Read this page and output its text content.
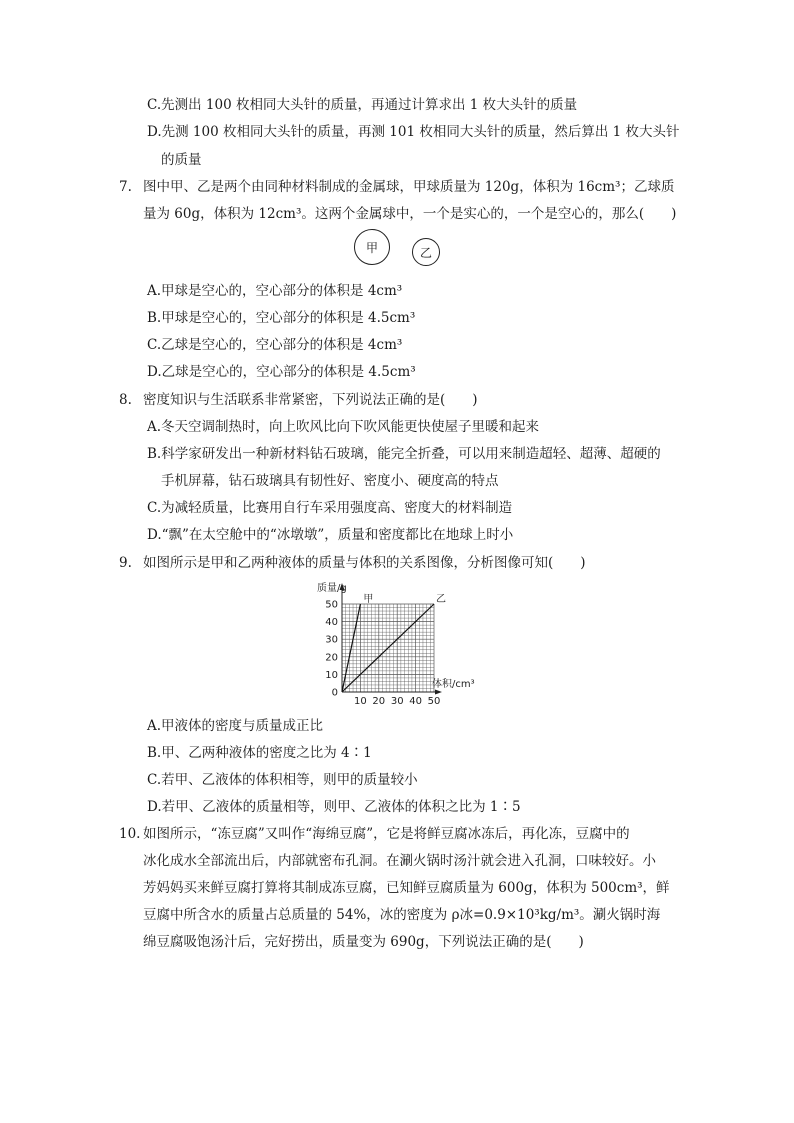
C.先测出 100 枚相同大头针的质量，再通过计算求出 1 枚大头针的质量
D.先测 100 枚相同大头针的质量，再测 101 枚相同大头针的质量，然后算出 1 枚大头针
的质量
7. 图中甲、乙是两个由同种材料制成的金属球，甲球质量为 120g，体积为 16cm³；乙球质
量为 60g，体积为 12cm³。这两个金属球中，一个是实心的，一个是空心的，那么(　　)
甲	乙
A.甲球是空心的，空心部分的体积是 4cm³
B.甲球是空心的，空心部分的体积是 4.5cm³
C.乙球是空心的，空心部分的体积是 4cm³
D.乙球是空心的，空心部分的体积是 4.5cm³
8. 密度知识与生活联系非常紧密，下列说法正确的是(　　)
A.冬天空调制热时，向上吹风比向下吹风能更快使屋子里暖和起来
B.科学家研发出一种新材料钻石玻璃，能完全折叠，可以用来制造超轻、超薄、超硬的
手机屏幕，钻石玻璃具有韧性好、密度小、硬度高的特点
C.为减轻质量，比赛用自行车采用强度高、密度大的材料制造
D.“飘”在太空舱中的“冰墩墩”，质量和密度都比在地球上时小
9. 如图所示是甲和乙两种液体的质量与体积的关系图像，分析图像可知(　　)
10 20 30 40 50
10
20
30
40
50
0
质量/g
体积/cm³
甲	乙
A.甲液体的密度与质量成正比
B.甲、乙两种液体的密度之比为 4∶1
C.若甲、乙液体的体积相等，则甲的质量较小
D.若甲、乙液体的质量相等，则甲、乙液体的体积之比为 1∶5
10. 如图所示，“冻豆腐”又叫作“海绵豆腐”，它是将鲜豆腐冰冻后，再化冻，豆腐中的
冰化成水全部流出后，内部就密布孔洞。在涮火锅时汤汁就会进入孔洞，口味较好。小
芳妈妈买来鲜豆腐打算将其制成冻豆腐，已知鲜豆腐质量为 600g，体积为 500cm³，鲜
豆腐中所含水的质量占总质量的 54%，冰的密度为 ρ冰=0.9×10³kg/m³。涮火锅时海
绵豆腐吸饱汤汁后，完好捞出，质量变为 690g，下列说法正确的是(　　)
